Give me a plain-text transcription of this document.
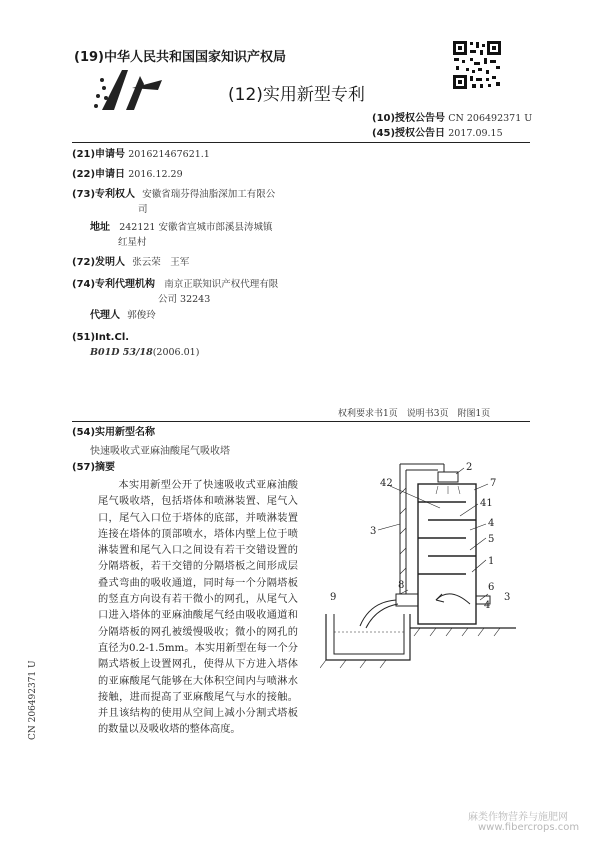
(19)中华人民共和国国家知识产权局
(12)实用新型专利
(10)授权公告号 CN 206492371 U
(45)授权公告日 2017.09.15
(21)申请号 201621467621.1
(22)申请日 2016.12.29
(73)专利权人 安徽省瑞芬得油脂深加工有限公
司
地址 242121 安徽省宣城市郎溪县涛城镇
红星村
(72)发明人 张云荣　王军
(74)专利代理机构 南京正联知识产权代理有限
公司 32243
代理人 郭俊玲
(51)Int.Cl.
B01D 53/18(2006.01)
权利要求书1页　说明书3页　附图1页
(54)实用新型名称
快速吸收式亚麻油酸尾气吸收塔
(57)摘要
本实用新型公开了快速吸收式亚麻油酸尾气吸收塔，包括塔体和喷淋装置、尾气入口，尾气入口位于塔体的底部，并喷淋装置连接在塔体的顶部喷水，塔体内壁上位于喷淋装置和尾气入口之间设有若干交错设置的分隔塔板，若干交错的分隔塔板之间形成层叠式弯曲的吸收通道，同时每一个分隔塔板的竖直方向设有若干微小的网孔，从尾气入口进入塔体的亚麻油酸尾气经由吸收通道和分隔塔板的网孔被缓慢吸收；微小的网孔的直径为0.2-1.5mm。本实用新型在每一个分隔式塔板上设置网孔，使得从下方进入塔体的亚麻酸尾气能够在大体积空间内与喷淋水接触，进而提高了亚麻酸尾气与水的接触。并且该结构的使用从空间上减小分割式塔板的数量以及吸收塔的整体高度。
2
7
42
41
3
4
5
1
6
4
3
8
9
CN 206492371 U
麻类作物营养与施肥网
www.fibercrops.com
